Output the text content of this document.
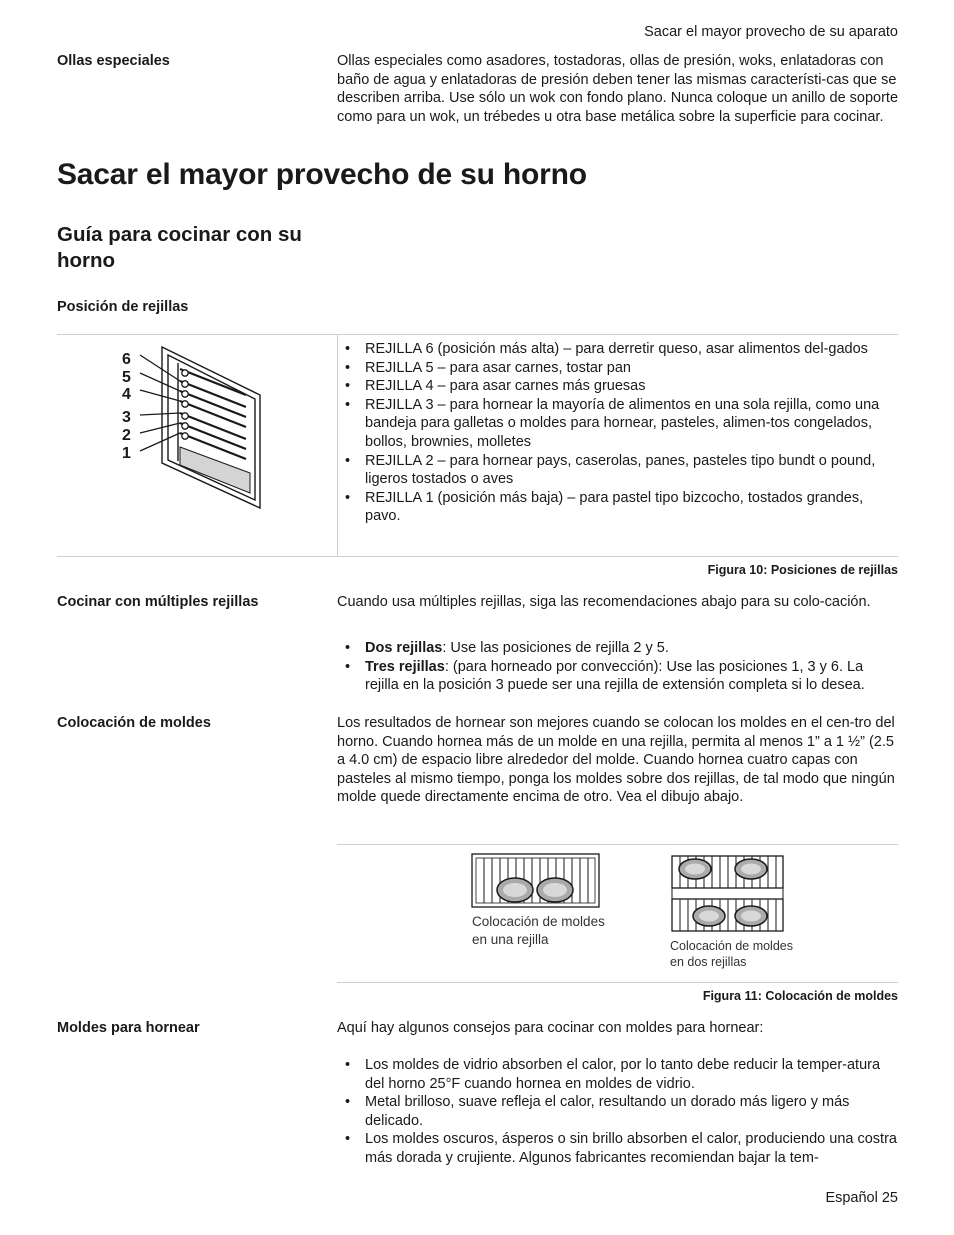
Sacar el mayor provecho de su aparato
Ollas especiales	Ollas especiales como asadores, tostadoras, ollas de presión, woks, enlatadoras con baño de agua y enlatadoras de presión deben tener las mismas característi-cas que se describen arriba. Use sólo un wok con fondo plano. Nunca coloque un anillo de soporte como para un wok, un trébedes u otra base metálica sobre la superficie para cocinar.
Sacar el mayor provecho de su horno
Guía para cocinar con su horno
Posición de rejillas
6
5
4
3
2
1
• REJILLA 6 (posición más alta) – para derretir queso, asar alimentos del-gados
• REJILLA 5 – para asar carnes, tostar pan
• REJILLA 4 – para asar carnes más gruesas
• REJILLA 3 – para hornear la mayoría de alimentos en una sola rejilla, como una bandeja para galletas o moldes para hornear, pasteles, alimen-tos congelados, bollos, brownies, molletes
• REJILLA 2 – para hornear pays, caserolas, panes, pasteles tipo bundt o pound, ligeros tostados o aves
• REJILLA 1 (posición más baja) – para pastel tipo bizcocho, tostados grandes, pavo.
Figura 10: Posiciones de rejillas
Cocinar con múltiples rejillas	Cuando usa múltiples rejillas, siga las recomendaciones abajo para su colo-cación.
• Dos rejillas: Use las posiciones de rejilla 2 y 5.
• Tres rejillas: (para horneado por convección): Use las posiciones 1, 3 y 6. La rejilla en la posición 3 puede ser una rejilla de extensión completa si lo desea.
Colocación de moldes	Los resultados de hornear son mejores cuando se colocan los moldes en el cen-tro del horno. Cuando hornea más de un molde en una rejilla, permita al menos 1” a 1 ½” (2.5 a 4.0 cm) de espacio libre alrededor del molde. Cuando hornea cuatro capas con pasteles al mismo tiempo, ponga los moldes sobre dos rejillas, de tal modo que ningún molde quede directamente encima de otro. Vea el dibujo abajo.
Colocación de moldes
en una rejilla	Colocación de moldes
en dos rejillas
Figura 11: Colocación de moldes
Moldes para hornear	Aquí hay algunos consejos para cocinar con moldes para hornear:
• Los moldes de vidrio absorben el calor, por lo tanto debe reducir la temper-atura del horno 25°F cuando hornea en moldes de vidrio.
• Metal brilloso, suave refleja el calor, resultando un dorado más ligero y más delicado.
• Los moldes oscuros, ásperos o sin brillo absorben el calor, produciendo una costra más dorada y crujiente. Algunos fabricantes recomiendan bajar la tem-
Español 25
